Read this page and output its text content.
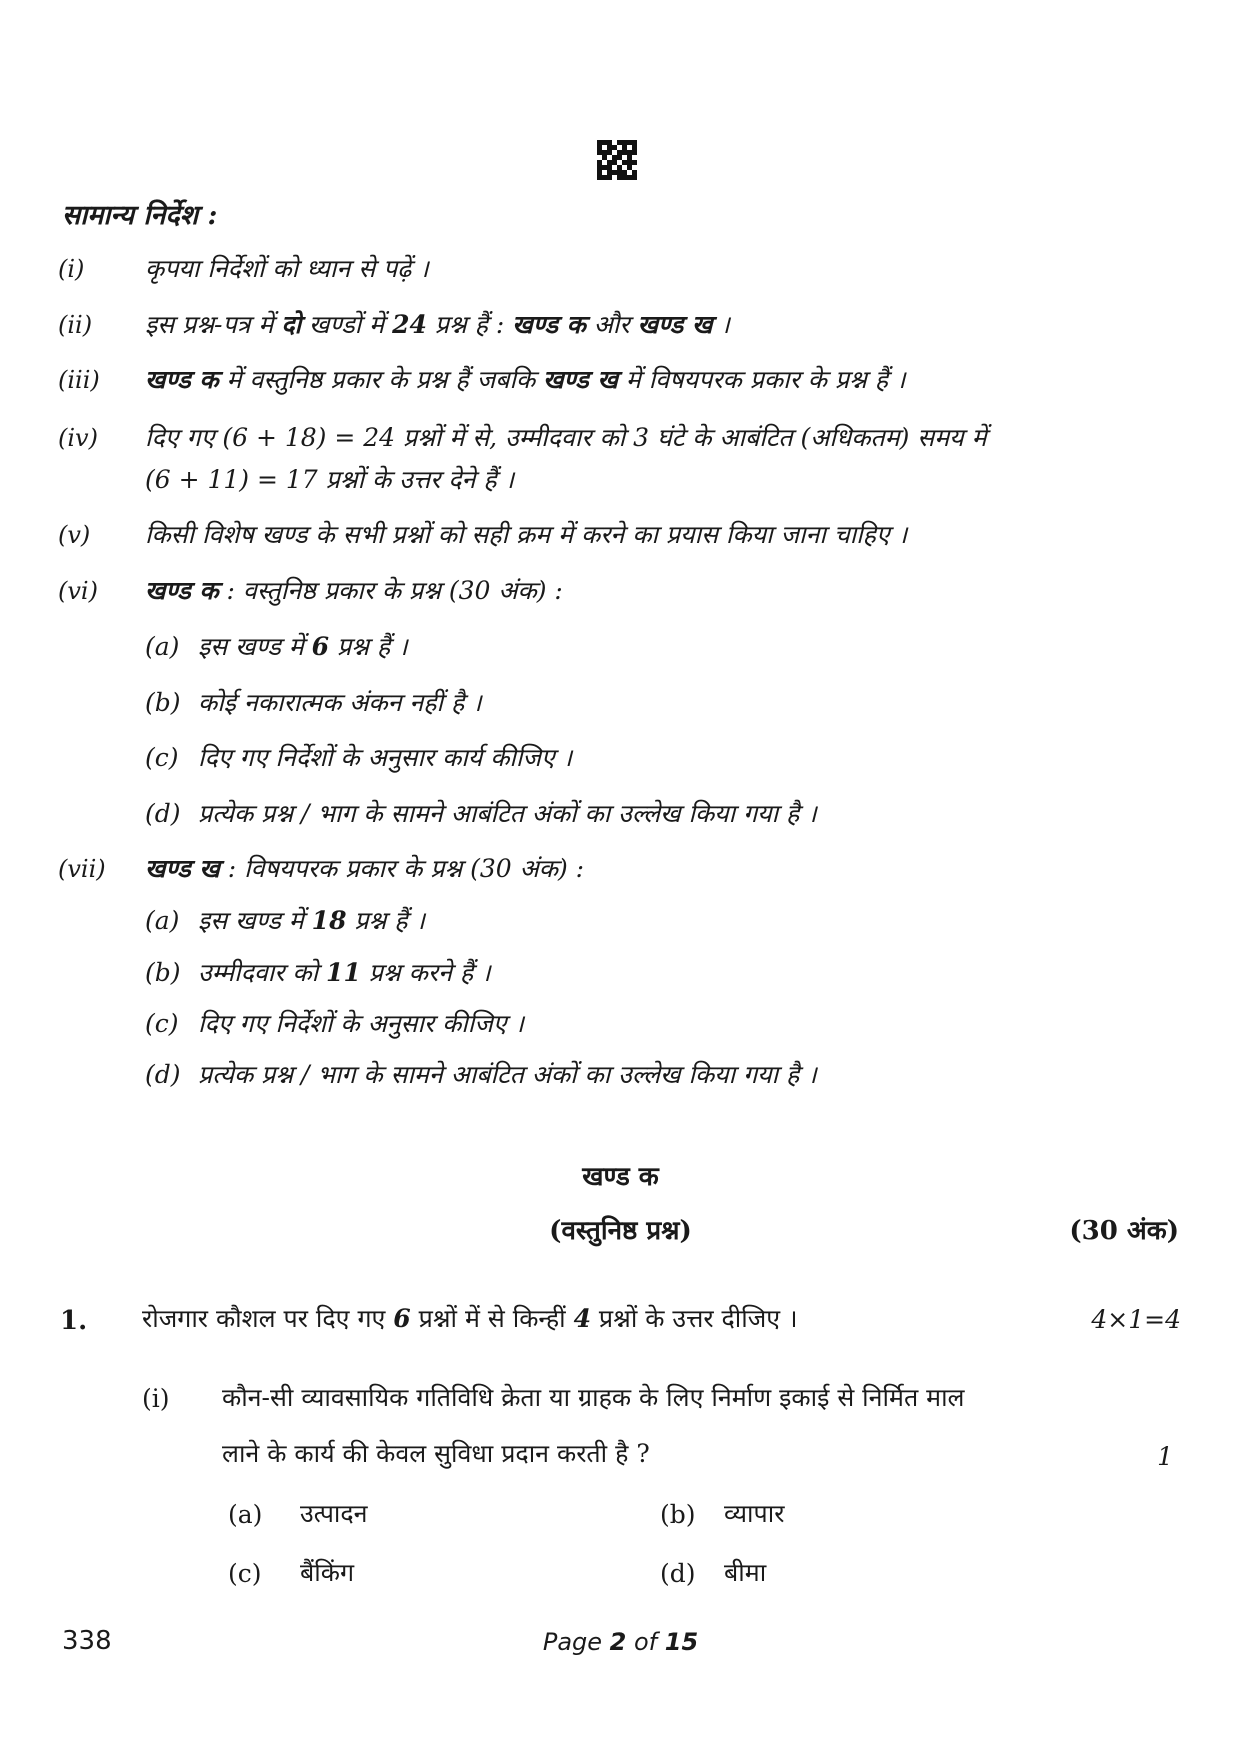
सामान्य निर्देश :
(i)	कृपया निर्देशों को ध्यान से पढ़ें ।
(ii)	इस प्रश्न-पत्र में दो खण्डों में 24 प्रश्न हैं : खण्ड क और खण्ड ख ।
(iii)	खण्ड क में वस्तुनिष्ठ प्रकार के प्रश्न हैं जबकि खण्ड ख में विषयपरक प्रकार के प्रश्न हैं ।
(iv)	दिए गए (6 + 18) = 24 प्रश्नों में से, उम्मीदवार को 3 घंटे के आबंटित (अधिकतम) समय में
(6 + 11) = 17 प्रश्नों के उत्तर देने हैं ।
(v)	किसी विशेष खण्ड के सभी प्रश्नों को सही क्रम में करने का प्रयास किया जाना चाहिए ।
(vi)	खण्ड क : वस्तुनिष्ठ प्रकार के प्रश्न (30 अंक) :
(a) इस खण्ड में 6 प्रश्न हैं ।
(b) कोई नकारात्मक अंकन नहीं है ।
(c) दिए गए निर्देशों के अनुसार कार्य कीजिए ।
(d) प्रत्येक प्रश्न / भाग के सामने आबंटित अंकों का उल्लेख किया गया है ।
(vii)	खण्ड ख : विषयपरक प्रकार के प्रश्न (30 अंक) :
(a) इस खण्ड में 18 प्रश्न हैं ।
(b) उम्मीदवार को 11 प्रश्न करने हैं ।
(c) दिए गए निर्देशों के अनुसार कीजिए ।
(d) प्रत्येक प्रश्न / भाग के सामने आबंटित अंकों का उल्लेख किया गया है ।
खण्ड क
(वस्तुनिष्ठ प्रश्न)	(30 अंक)
1. रोजगार कौशल पर दिए गए 6 प्रश्नों में से किन्हीं 4 प्रश्नों के उत्तर दीजिए ।	4×1=4
(i) कौन-सी व्यावसायिक गतिविधि क्रेता या ग्राहक के लिए निर्माण इकाई से निर्मित माल
लाने के कार्य की केवल सुविधा प्रदान करती है ?	1
(a) उत्पादन	(b) व्यापार
(c) बैंकिंग	(d) बीमा
338	Page 2 of 15
